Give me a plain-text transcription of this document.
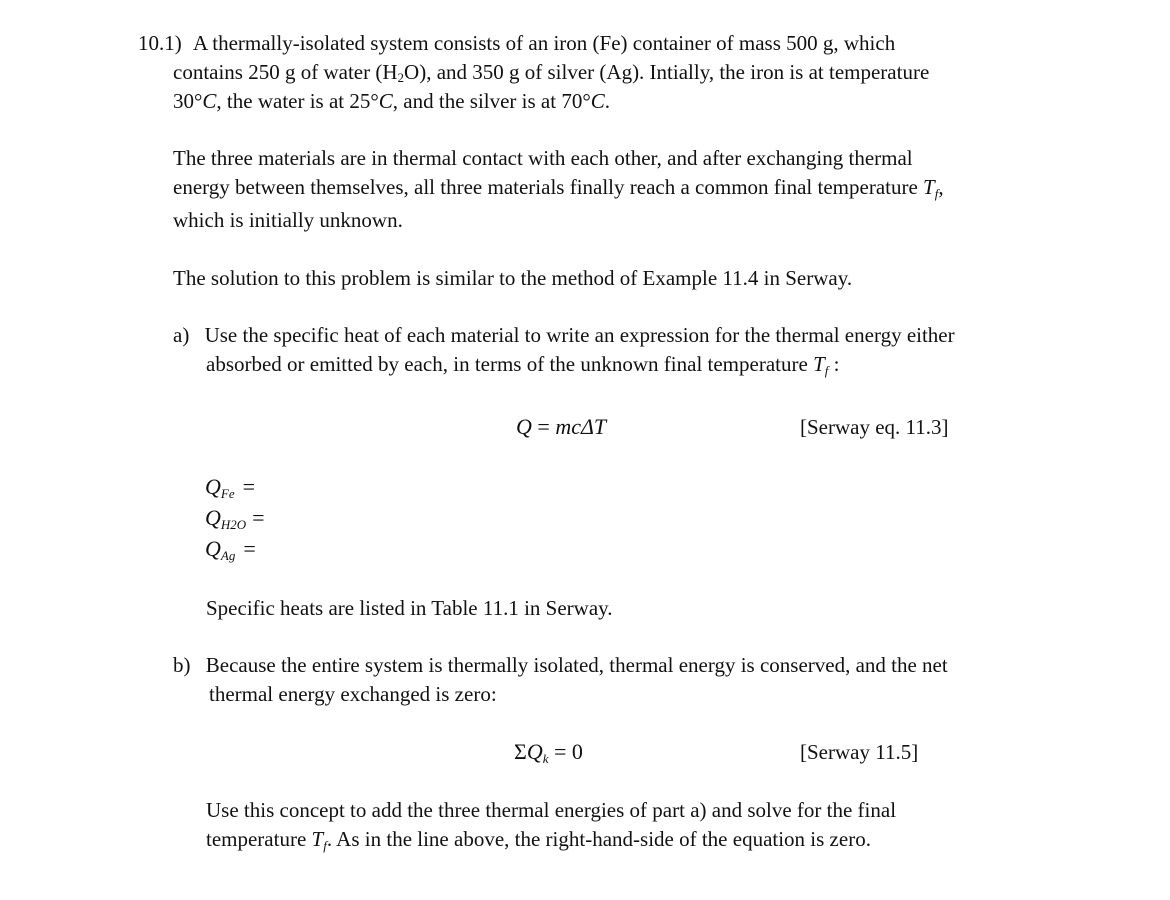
10.1) A thermally-isolated system consists of an iron (Fe) container of mass 500 g, which
contains 250 g of water (H2O), and 350 g of silver (Ag). Intially, the iron is at temperature
30°C, the water is at 25°C, and the silver is at 70°C.
The three materials are in thermal contact with each other, and after exchanging thermal
energy between themselves, all three materials finally reach a common final temperature $T_f$,
which is initially unknown.
The solution to this problem is similar to the method of Example 11.4 in Serway.
a) Use the specific heat of each material to write an expression for the thermal energy either
absorbed or emitted by each, in terms of the unknown final temperature $T_f$ :
Q = mcΔT	[Serway eq. 11.3]
$Q_{Fe}$ =
$Q_{H2O}$ =
$Q_{Ag}$ =
Specific heats are listed in Table 11.1 in Serway.
b) Because the entire system is thermally isolated, thermal energy is conserved, and the net
thermal energy exchanged is zero:
$\Sigma Q_k = 0$	[Serway 11.5]
Use this concept to add the three thermal energies of part a) and solve for the final
temperature $T_f$. As in the line above, the right-hand-side of the equation is zero.
